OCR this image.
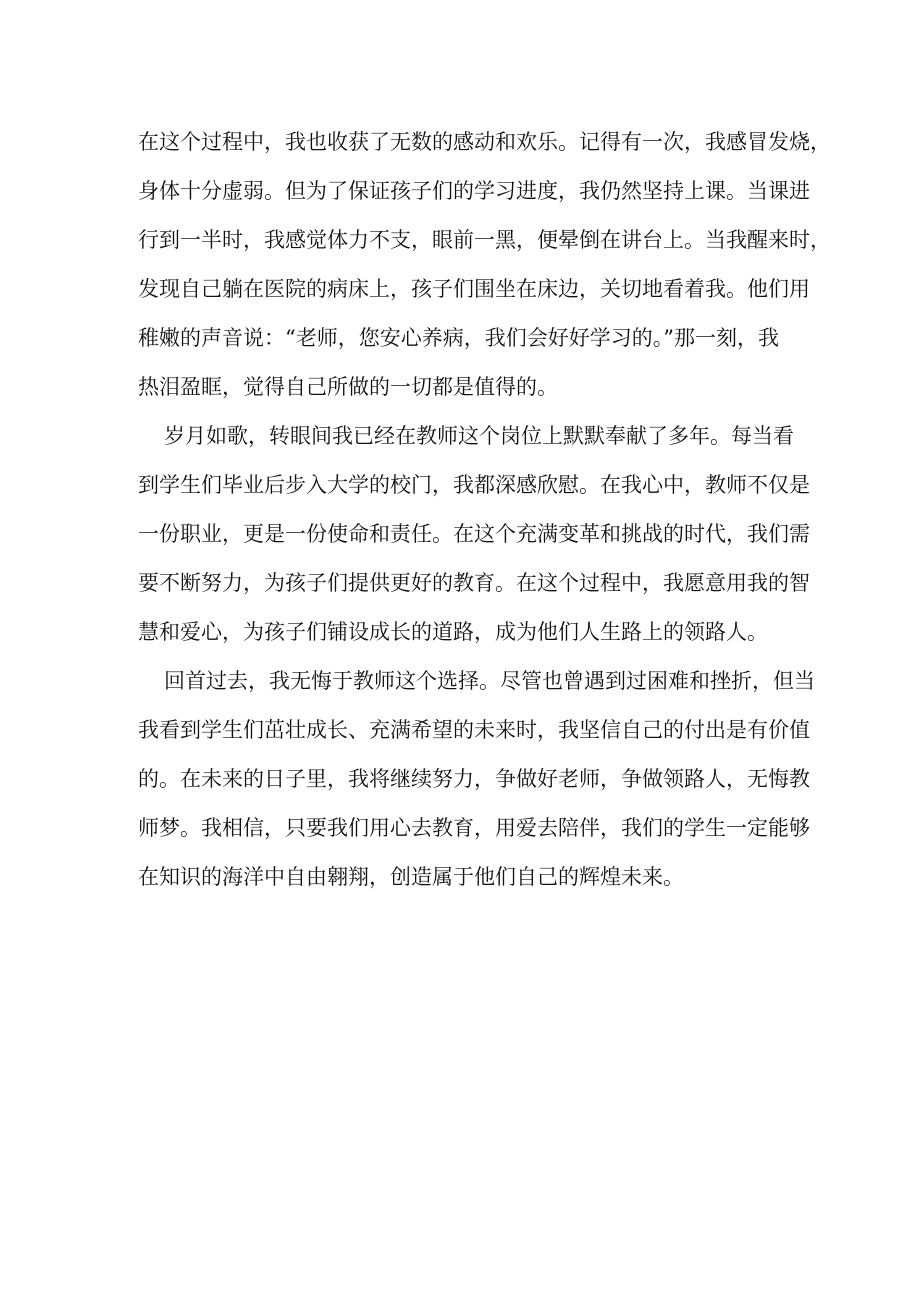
在这个过程中，我也收获了无数的感动和欢乐。记得有一次，我感冒发烧，
身体十分虚弱。但为了保证孩子们的学习进度，我仍然坚持上课。当课进
行到一半时，我感觉体力不支，眼前一黑，便晕倒在讲台上。当我醒来时，
发现自己躺在医院的病床上，孩子们围坐在床边，关切地看着我。他们用
稚嫩的声音说：“老师，您安心养病，我们会好好学习的。”那一刻，我
热泪盈眶，觉得自己所做的一切都是值得的。
岁月如歌，转眼间我已经在教师这个岗位上默默奉献了多年。每当看
到学生们毕业后步入大学的校门，我都深感欣慰。在我心中，教师不仅是
一份职业，更是一份使命和责任。在这个充满变革和挑战的时代，我们需
要不断努力，为孩子们提供更好的教育。在这个过程中，我愿意用我的智
慧和爱心，为孩子们铺设成长的道路，成为他们人生路上的领路人。
回首过去，我无悔于教师这个选择。尽管也曾遇到过困难和挫折，但当
我看到学生们茁壮成长、充满希望的未来时，我坚信自己的付出是有价值
的。在未来的日子里，我将继续努力，争做好老师，争做领路人，无悔教
师梦。我相信，只要我们用心去教育，用爱去陪伴，我们的学生一定能够
在知识的海洋中自由翱翔，创造属于他们自己的辉煌未来。
